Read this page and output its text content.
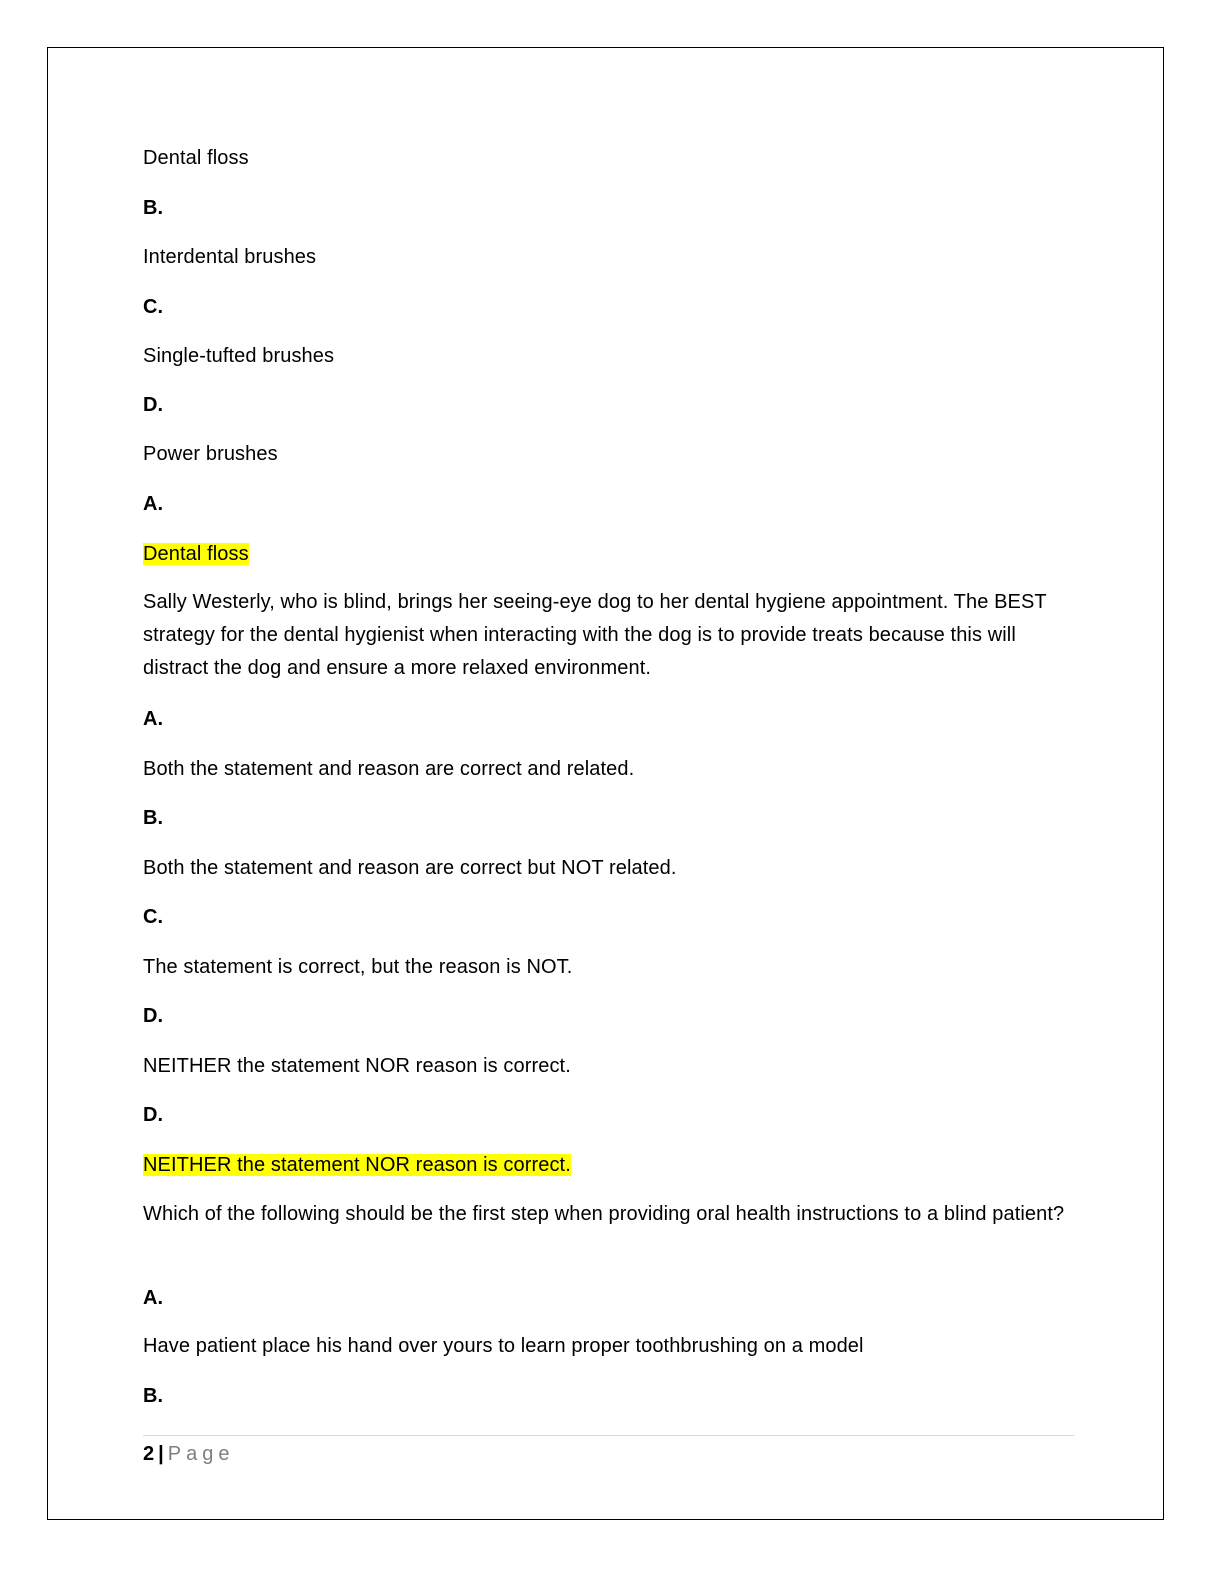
Dental floss
B.
Interdental brushes
C.
Single-tufted brushes
D.
Power brushes
A.
Dental floss
Sally Westerly, who is blind, brings her seeing-eye dog to her dental hygiene appointment. The BEST strategy for the dental hygienist when interacting with the dog is to provide treats because this will distract the dog and ensure a more relaxed environment.
A.
Both the statement and reason are correct and related.
B.
Both the statement and reason are correct but NOT related.
C.
The statement is correct, but the reason is NOT.
D.
NEITHER the statement NOR reason is correct.
D.
NEITHER the statement NOR reason is correct.
Which of the following should be the first step when providing oral health instructions to a blind patient?
A.
Have patient place his hand over yours to learn proper toothbrushing on a model
B.
2 | Page
